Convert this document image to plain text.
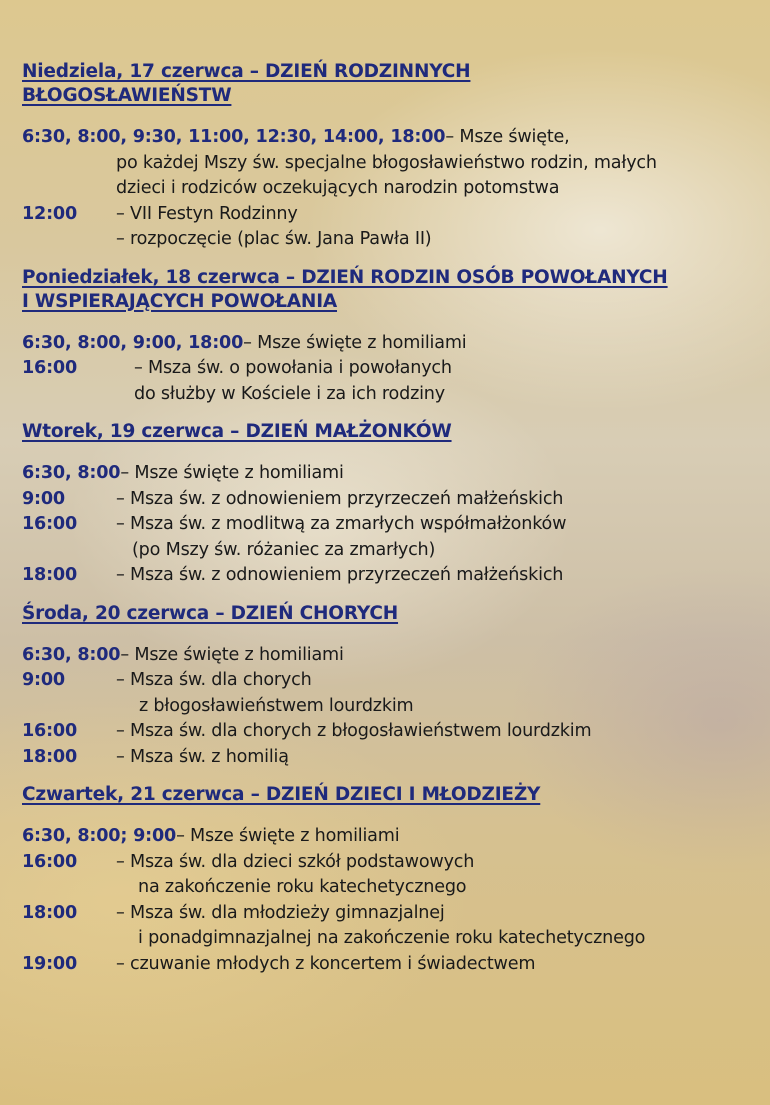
Niedziela, 17 czerwca – DZIEŃ RODZINNYCH
BŁOGOSŁAWIEŃSTW
6:30, 8:00, 9:30, 11:00, 12:30, 14:00, 18:00 – Msze święte,
po każdej Mszy św. specjalne błogosławieństwo rodzin, małych
dzieci i rodziców oczekujących narodzin potomstwa
12:00	– VII Festyn Rodzinny
– rozpoczęcie (plac św. Jana Pawła II)
Poniedziałek, 18 czerwca – DZIEŃ RODZIN OSÓB POWOŁANYCH
I WSPIERAJĄCYCH POWOŁANIA
6:30, 8:00, 9:00, 18:00 – Msze święte z homiliami
16:00	– Msza św. o powołania i powołanych
do służby w Kościele i za ich rodziny
Wtorek, 19 czerwca – DZIEŃ MAŁŻONKÓW
6:30, 8:00 – Msze święte z homiliami
9:00	– Msza św. z odnowieniem przyrzeczeń małżeńskich
16:00	– Msza św. z modlitwą za zmarłych współmałżonków
(po Mszy św. różaniec za zmarłych)
18:00	– Msza św. z odnowieniem przyrzeczeń małżeńskich
Środa, 20 czerwca – DZIEŃ CHORYCH
6:30, 8:00 – Msze święte z homiliami
9:00	– Msza św. dla chorych
z błogosławieństwem lourdzkim
16:00	– Msza św. dla chorych z błogosławieństwem lourdzkim
18:00	– Msza św. z homilią
Czwartek, 21 czerwca – DZIEŃ DZIECI I MŁODZIEŻY
6:30, 8:00; 9:00 – Msze święte z homiliami
16:00	– Msza św. dla dzieci szkół podstawowych
na zakończenie roku katechetycznego
18:00	– Msza św. dla młodzieży gimnazjalnej
i ponadgimnazjalnej na zakończenie roku katechetycznego
19:00	– czuwanie młodych z koncertem i świadectwem
